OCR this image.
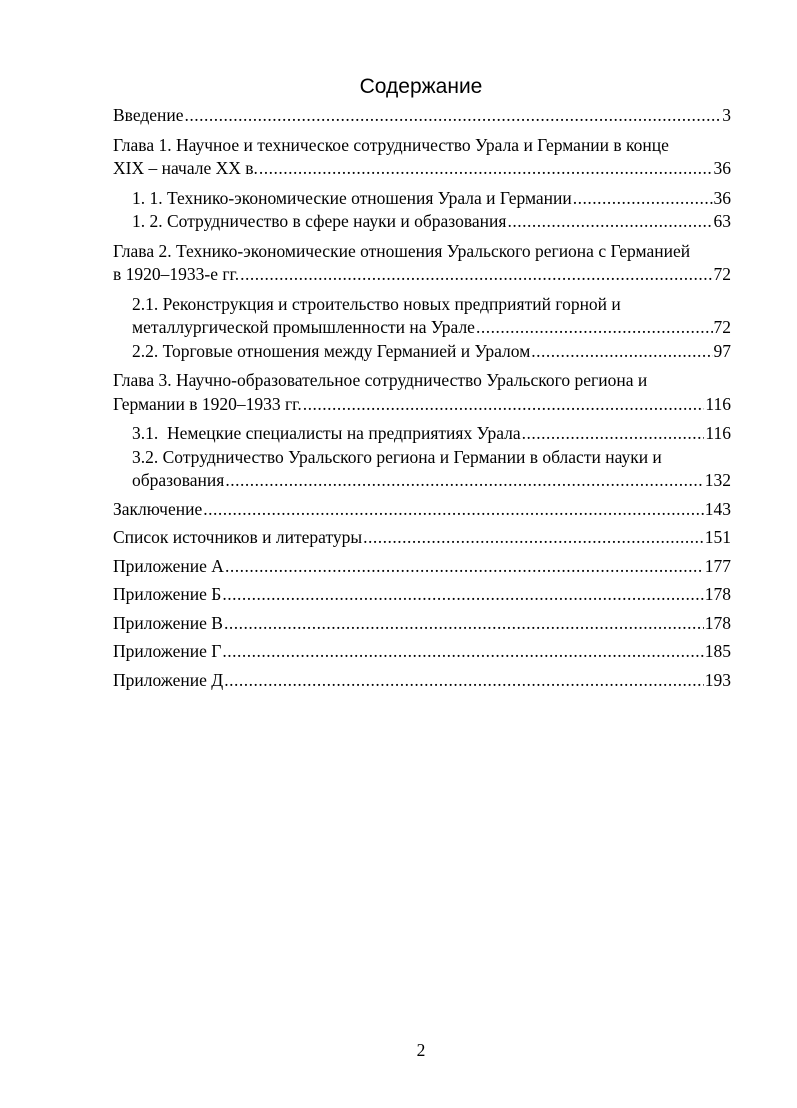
Содержание
Введение .....	3
Глава 1. Научное и техническое сотрудничество Урала и Германии в конце
XIX – начале XX в. .....	36
1. 1. Технико-экономические отношения Урала и Германии .....	36
1. 2. Сотрудничество в сфере науки и образования .....	63
Глава 2. Технико-экономические отношения Уральского региона с Германией
в 1920–1933-е гг. .....	72
2.1. Реконструкция и строительство новых предприятий горной и
металлургической промышленности на Урале .....	72
2.2. Торговые отношения между Германией и Уралом .....	97
Глава 3. Научно-образовательное сотрудничество Уральского региона и
Германии в 1920–1933 гг. .....	116
3.1.  Немецкие специалисты на предприятиях Урала .....	116
3.2. Сотрудничество Уральского региона и Германии в области науки и
образования .....	132
Заключение .....	143
Список источников и литературы .....	151
Приложение А .....	177
Приложение Б .....	178
Приложение В .....	178
Приложение Г .....	185
Приложение Д .....	193
2
